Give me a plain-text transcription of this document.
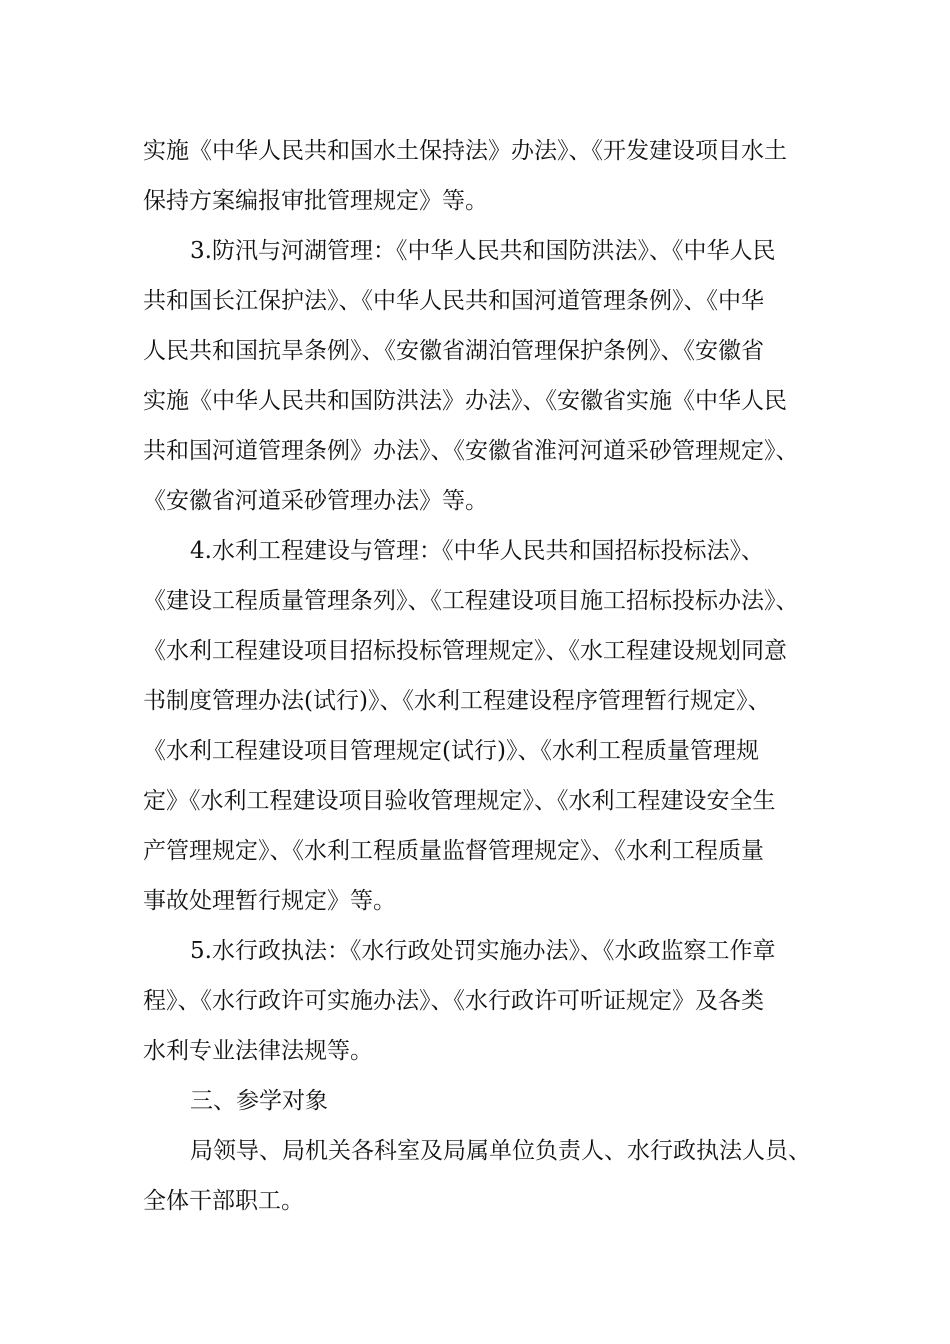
实施《中华人民共和国水土保持法》办法》、《开发建设项目水土
保持方案编报审批管理规定》等。
3.防汛与河湖管理：《中华人民共和国防洪法》、《中华人民
共和国长江保护法》、《中华人民共和国河道管理条例》、《中华
人民共和国抗旱条例》、《安徽省湖泊管理保护条例》、《安徽省
实施《中华人民共和国防洪法》办法》、《安徽省实施《中华人民
共和国河道管理条例》办法》、《安徽省淮河河道采砂管理规定》、
《安徽省河道采砂管理办法》等。
4.水利工程建设与管理：《中华人民共和国招标投标法》、
《建设工程质量管理条列》、《工程建设项目施工招标投标办法》、
《水利工程建设项目招标投标管理规定》、《水工程建设规划同意
书制度管理办法(试行)》、《水利工程建设程序管理暂行规定》、
《水利工程建设项目管理规定(试行)》、《水利工程质量管理规
定》《水利工程建设项目验收管理规定》、《水利工程建设安全生
产管理规定》、《水利工程质量监督管理规定》、《水利工程质量
事故处理暂行规定》等。
5.水行政执法：《水行政处罚实施办法》、《水政监察工作章
程》、《水行政许可实施办法》、《水行政许可听证规定》及各类
水利专业法律法规等。
三、参学对象
局领导、局机关各科室及局属单位负责人、水行政执法人员、
全体干部职工。
